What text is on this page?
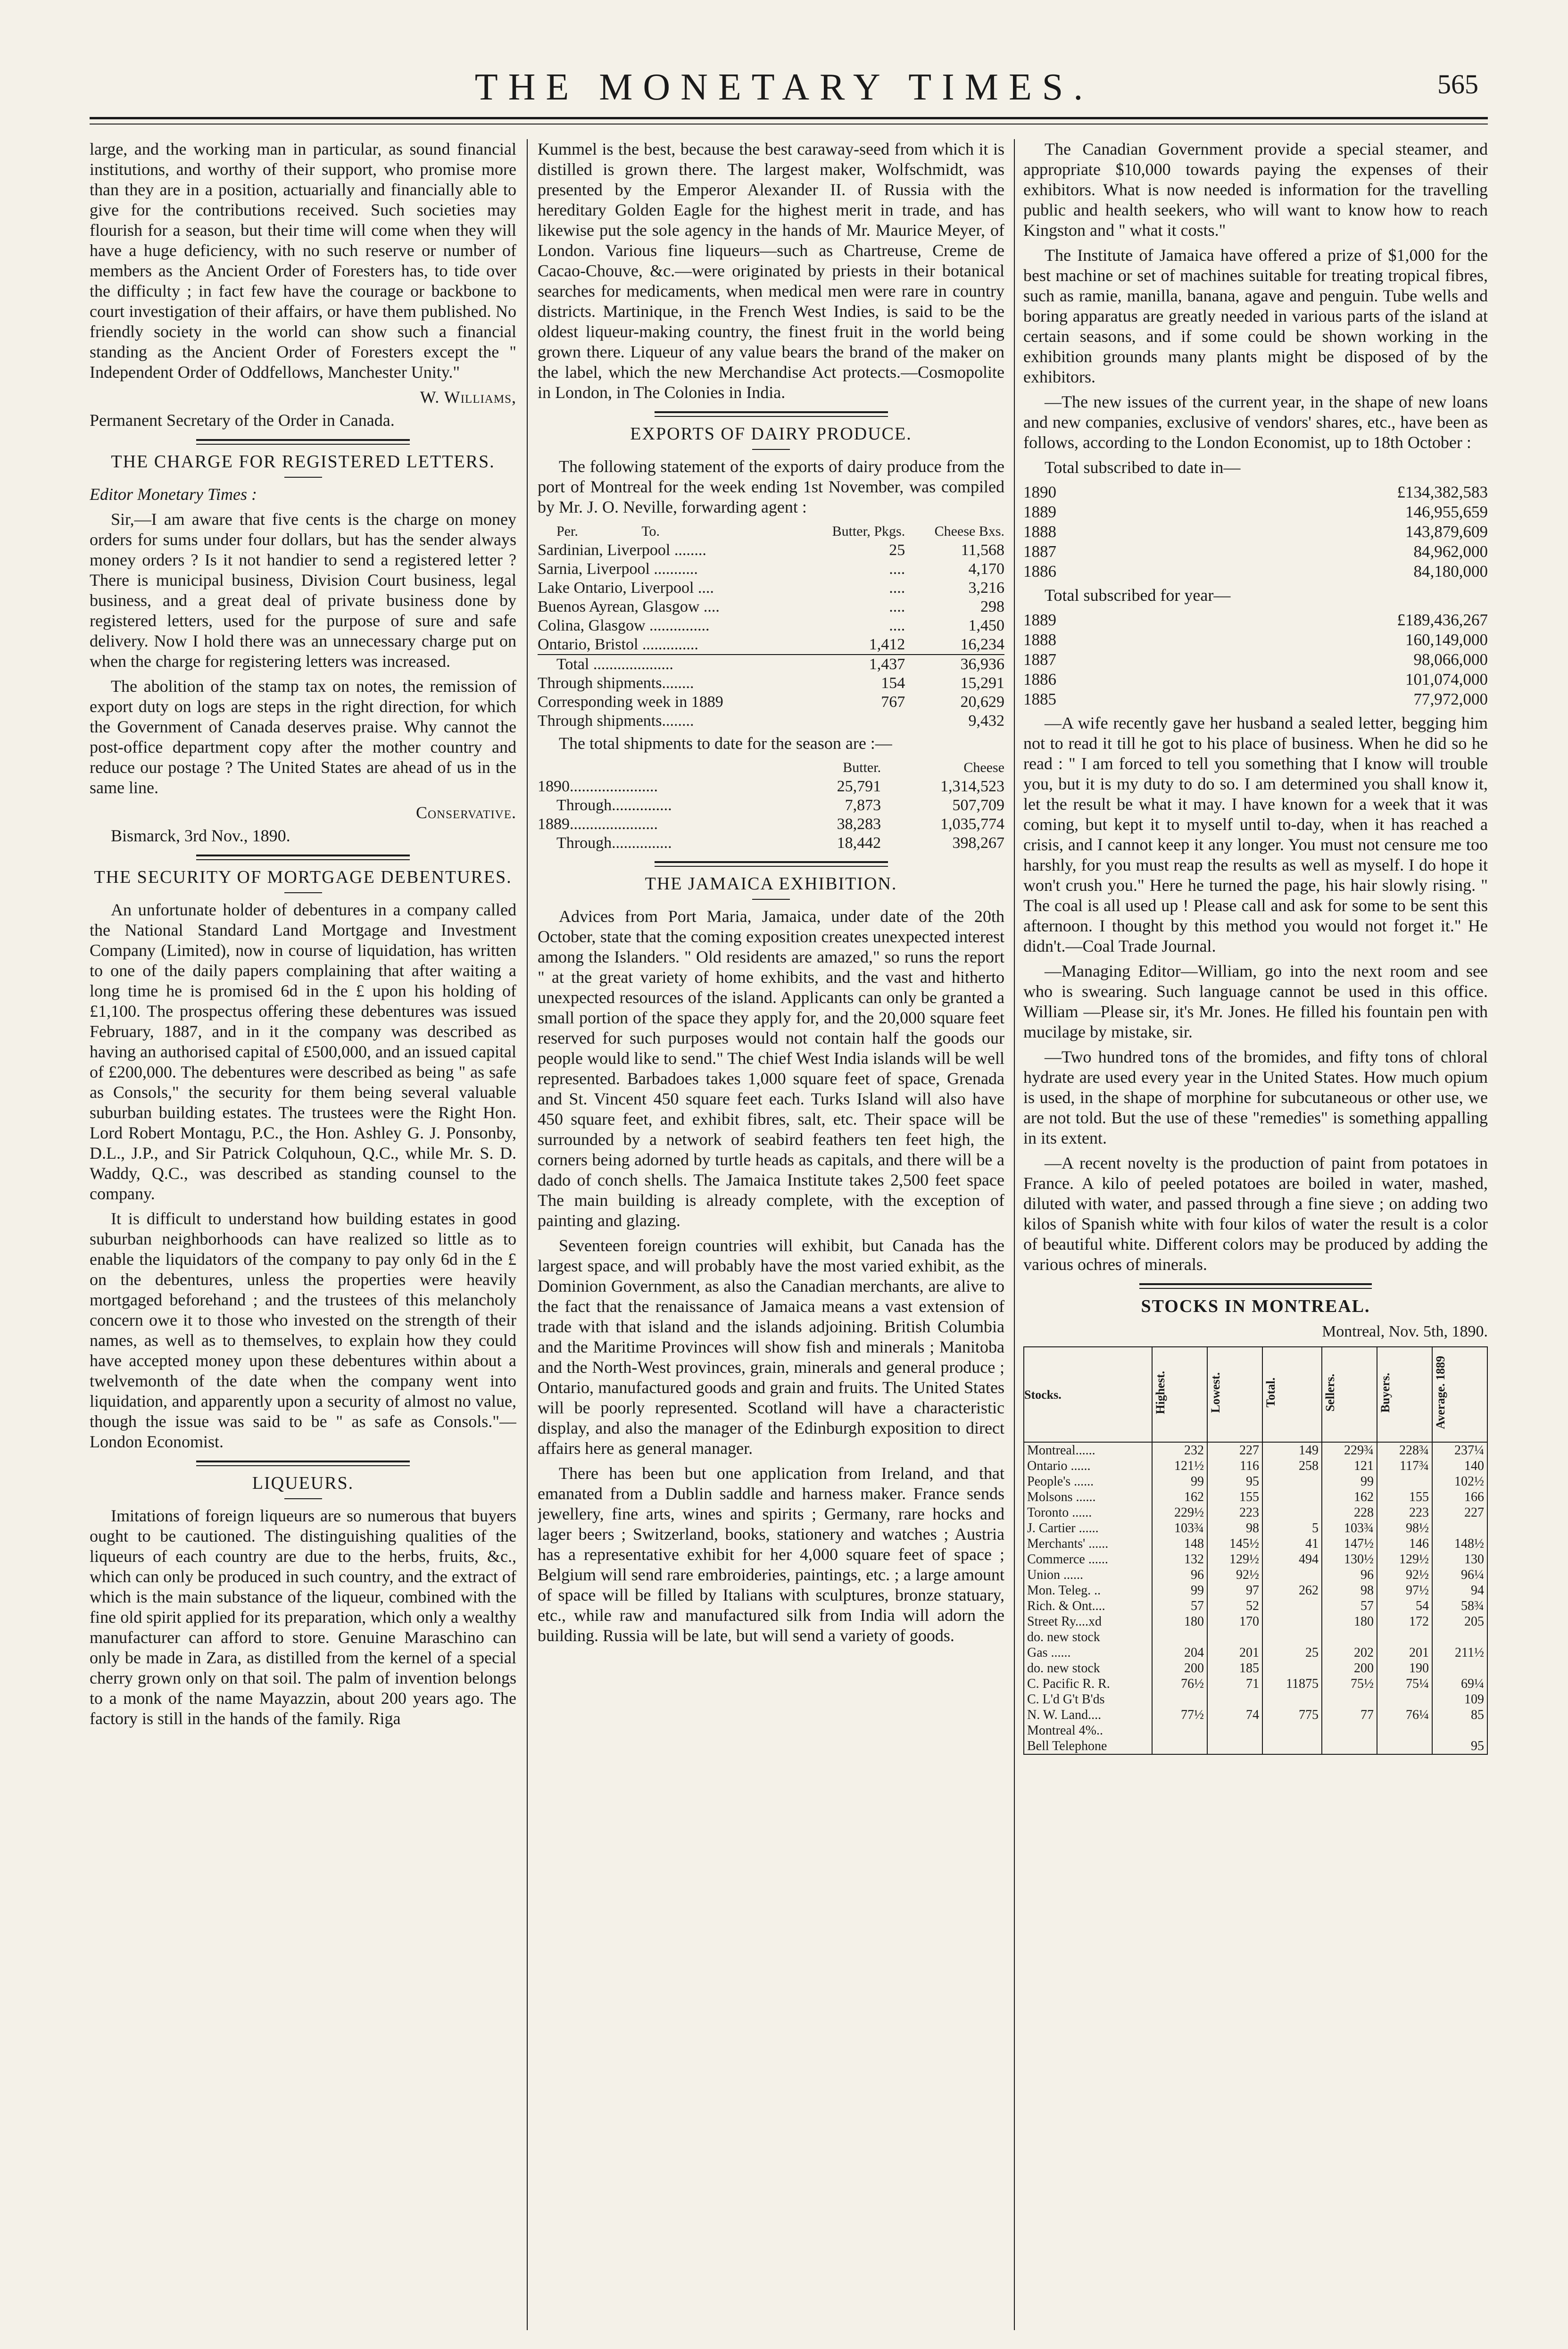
THE MONETARY TIMES.	565

large, and the working man in particular, as sound financial institutions, and worthy of their support, who promise more than they are in a position, actuarially and financially able to give for the contributions received. Such societies may flourish for a season, but their time will come when they will have a huge deficiency, with no such reserve or number of members as the Ancient Order of Foresters has, to tide over the difficulty ; in fact few have the courage or backbone to court investigation of their affairs, or have them published. No friendly society in the world can show such a financial standing as the Ancient Order of Foresters except the " Independent Order of Oddfellows, Manchester Unity."

W. Williams,

Permanent Secretary of the Order in Canada.

THE CHARGE FOR REGISTERED LETTERS.

Editor Monetary Times :

Sir,—I am aware that five cents is the charge on money orders for sums under four dollars, but has the sender always money orders ? Is it not handier to send a registered letter ? There is municipal business, Division Court business, legal business, and a great deal of private business done by registered letters, used for the purpose of sure and safe delivery. Now I hold there was an unnecessary charge put on when the charge for registering letters was increased.

The abolition of the stamp tax on notes, the remission of export duty on logs are steps in the right direction, for which the Government of Canada deserves praise. Why cannot the post-office department copy after the mother country and reduce our postage ? The United States are ahead of us in the same line.

Conservative.

Bismarck, 3rd Nov., 1890.

THE SECURITY OF MORTGAGE DEBENTURES.

An unfortunate holder of debentures in a company called the National Standard Land Mortgage and Investment Company (Limited), now in course of liquidation, has written to one of the daily papers complaining that after waiting a long time he is promised 6d in the £ upon his holding of £1,100. The prospectus offering these debentures was issued February, 1887, and in it the company was described as having an authorised capital of £500,000, and an issued capital of £200,000. The debentures were described as being " as safe as Consols," the security for them being several valuable suburban building estates. The trustees were the Right Hon. Lord Robert Montagu, P.C., the Hon. Ashley G. J. Ponsonby, D.L., J.P., and Sir Patrick Colquhoun, Q.C., while Mr. S. D. Waddy, Q.C., was described as standing counsel to the company.

It is difficult to understand how building estates in good suburban neighborhoods can have realized so little as to enable the liquidators of the company to pay only 6d in the £ on the debentures, unless the properties were heavily mortgaged beforehand ; and the trustees of this melancholy concern owe it to those who invested on the strength of their names, as well as to themselves, to explain how they could have accepted money upon these debentures within about a twelvemonth of the date when the company went into liquidation, and apparently upon a security of almost no value, though the issue was said to be " as safe as Consols."—London Economist.

LIQUEURS.

Imitations of foreign liqueurs are so numerous that buyers ought to be cautioned. The distinguishing qualities of the liqueurs of each country are due to the herbs, fruits, &c., which can only be produced in such country, and the extract of which is the main substance of the liqueur, combined with the fine old spirit applied for its preparation, which only a wealthy manufacturer can afford to store. Genuine Maraschino can only be made in Zara, as distilled from the kernel of a special cherry grown only on that soil. The palm of invention belongs to a monk of the name Mayazzin, about 200 years ago. The factory is still in the hands of the family. Riga

Kummel is the best, because the best caraway-seed from which it is distilled is grown there. The largest maker, Wolfschmidt, was presented by the Emperor Alexander II. of Russia with the hereditary Golden Eagle for the highest merit in trade, and has likewise put the sole agency in the hands of Mr. Maurice Meyer, of London. Various fine liqueurs—such as Chartreuse, Creme de Cacao-Chouve, &c.—were originated by priests in their botanical searches for medicaments, when medical men were rare in country districts. Martinique, in the French West Indies, is said to be the oldest liqueur-making country, the finest fruit in the world being grown there. Liqueur of any value bears the brand of the maker on the label, which the new Merchandise Act protects.—Cosmopolite in London, in The Colonies in India.

EXPORTS OF DAIRY PRODUCE.

The following statement of the exports of dairy produce from the port of Montreal for the week ending 1st November, was compiled by Mr. J. O. Neville, forwarding agent :

Per. To.	Butter, Pkgs.	Cheese Bxs.
Sardinian, Liverpool ........	25	11,568
Sarnia, Liverpool ...........	....	4,170
Lake Ontario, Liverpool ....	....	3,216
Buenos Ayrean, Glasgow ....	....	298
Colina, Glasgow ...............	....	1,450
Ontario, Bristol ..............	1,412	16,234
Total ....................	1,437	36,936
Through shipments........	154	15,291
Corresponding week in 1889	767	20,629
Through shipments........		9,432

The total shipments to date for the season are :—

	Butter.	Cheese
1890......................	25,791	1,314,523
Through...............	7,873	507,709
1889......................	38,283	1,035,774
Through...............	18,442	398,267
THE JAMAICA EXHIBITION.

Advices from Port Maria, Jamaica, under date of the 20th October, state that the coming exposition creates unexpected interest among the Islanders. " Old residents are amazed," so runs the report " at the great variety of home exhibits, and the vast and hitherto unexpected resources of the island. Applicants can only be granted a small portion of the space they apply for, and the 20,000 square feet reserved for such purposes would not contain half the goods our people would like to send." The chief West India islands will be well represented. Barbadoes takes 1,000 square feet of space, Grenada and St. Vincent 450 square feet each. Turks Island will also have 450 square feet, and exhibit fibres, salt, etc. Their space will be surrounded by a network of seabird feathers ten feet high, the corners being adorned by turtle heads as capitals, and there will be a dado of conch shells. The Jamaica Institute takes 2,500 feet space The main building is already complete, with the exception of painting and glazing.

Seventeen foreign countries will exhibit, but Canada has the largest space, and will probably have the most varied exhibit, as the Dominion Government, as also the Canadian merchants, are alive to the fact that the renaissance of Jamaica means a vast extension of trade with that island and the islands adjoining. British Columbia and the Maritime Provinces will show fish and minerals ; Manitoba and the North-West provinces, grain, minerals and general produce ; Ontario, manufactured goods and grain and fruits. The United States will be poorly represented. Scotland will have a characteristic display, and also the manager of the Edinburgh exposition to direct affairs here as general manager.

There has been but one application from Ireland, and that emanated from a Dublin saddle and harness maker. France sends jewellery, fine arts, wines and spirits ; Germany, rare hocks and lager beers ; Switzerland, books, stationery and watches ; Austria has a representative exhibit for her 4,000 square feet of space ; Belgium will send rare embroideries, paintings, etc. ; a large amount of space will be filled by Italians with sculptures, bronze statuary, etc., while raw and manufactured silk from India will adorn the building. Russia will be late, but will send a variety of goods.

The Canadian Government provide a special steamer, and appropriate $10,000 towards paying the expenses of their exhibitors. What is now needed is information for the travelling public and health seekers, who will want to know how to reach Kingston and " what it costs."

The Institute of Jamaica have offered a prize of $1,000 for the best machine or set of machines suitable for treating tropical fibres, such as ramie, manilla, banana, agave and penguin. Tube wells and boring apparatus are greatly needed in various parts of the island at certain seasons, and if some could be shown working in the exhibition grounds many plants might be disposed of by the exhibitors.

—The new issues of the current year, in the shape of new loans and new companies, exclusive of vendors' shares, etc., have been as follows, according to the London Economist, up to 18th October :

Total subscribed to date in—

1890	£134,382,583
1889	146,955,659
1888	143,879,609
1887	84,962,000
1886	84,180,000

Total subscribed for year—

1889	£189,436,267
1888	160,149,000
1887	98,066,000
1886	101,074,000
1885	77,972,000

—A wife recently gave her husband a sealed letter, begging him not to read it till he got to his place of business. When he did so he read : " I am forced to tell you something that I know will trouble you, but it is my duty to do so. I am determined you shall know it, let the result be what it may. I have known for a week that it was coming, but kept it to myself until to-day, when it has reached a crisis, and I cannot keep it any longer. You must not censure me too harshly, for you must reap the results as well as myself. I do hope it won't crush you." Here he turned the page, his hair slowly rising. " The coal is all used up ! Please call and ask for some to be sent this afternoon. I thought by this method you would not forget it." He didn't.—Coal Trade Journal.

—Managing Editor—William, go into the next room and see who is swearing. Such language cannot be used in this office. William —Please sir, it's Mr. Jones. He filled his fountain pen with mucilage by mistake, sir.

—Two hundred tons of the bromides, and fifty tons of chloral hydrate are used every year in the United States. How much opium is used, in the shape of morphine for subcutaneous or other use, we are not told. But the use of these "remedies" is something appalling in its extent.

—A recent novelty is the production of paint from potatoes in France. A kilo of peeled potatoes are boiled in water, mashed, diluted with water, and passed through a fine sieve ; on adding two kilos of Spanish white with four kilos of water the result is a color of beautiful white. Different colors may be produced by adding the various ochres of minerals.

STOCKS IN MONTREAL.
Montreal, Nov. 5th, 1890.
Stocks.	Highest.	Lowest.	Total.	Sellers.	Buyers.	Average. 1889
Montreal......	232	227	149	229¾	228¾	237¼
Ontario ......	121½	116	258	121	117¾	140
People's ......	99	95		99		102½
Molsons ......	162	155		162	155	166
Toronto ......	229½	223		228	223	227
J. Cartier ......	103¾	98	5	103¾	98½	
Merchants' ......	148	145½	41	147½	146	148½
Commerce ......	132	129½	494	130½	129½	130
Union ......	96	92½		96	92½	96¼
Mon. Teleg. ..	99	97	262	98	97½	94
Rich. & Ont....	57	52		57	54	58¾
Street Ry....xd	180	170		180	172	205
do. new stock						
Gas ......	204	201	25	202	201	211½
do. new stock	200	185		200	190	
C. Pacific R. R.	76½	71	11875	75½	75¼	69¼
C. L'd G't B'ds						109
N. W. Land....	77½	74	775	77	76¼	85
Montreal 4%..						
Bell Telephone						95
